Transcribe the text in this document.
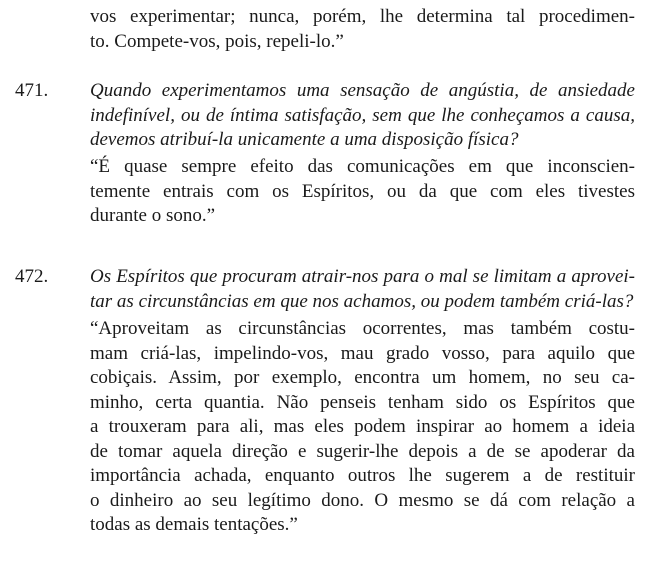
vos experimentar; nunca, porém, lhe determina tal procedimen-
to. Compete-vos, pois, repeli-lo.”
471. Quando experimentamos uma sensação de angústia, de ansiedade
indefinível, ou de íntima satisfação, sem que lhe conheçamos a causa,
devemos atribuí-la unicamente a uma disposição física?
“É quase sempre efeito das comunicações em que inconscien-
temente entrais com os Espíritos, ou da que com eles tivestes
durante o sono.”
472. Os Espíritos que procuram atrair-nos para o mal se limitam a aprovei-
tar as circunstâncias em que nos achamos, ou podem também criá-las?
“Aproveitam as circunstâncias ocorrentes, mas também costu-
mam criá-las, impelindo-vos, mau grado vosso, para aquilo que
cobiçais. Assim, por exemplo, encontra um homem, no seu ca-
minho, certa quantia. Não penseis tenham sido os Espíritos que
a trouxeram para ali, mas eles podem inspirar ao homem a ideia
de tomar aquela direção e sugerir-lhe depois a de se apoderar da
importância achada, enquanto outros lhe sugerem a de restituir
o dinheiro ao seu legítimo dono. O mesmo se dá com relação a
todas as demais tentações.”
